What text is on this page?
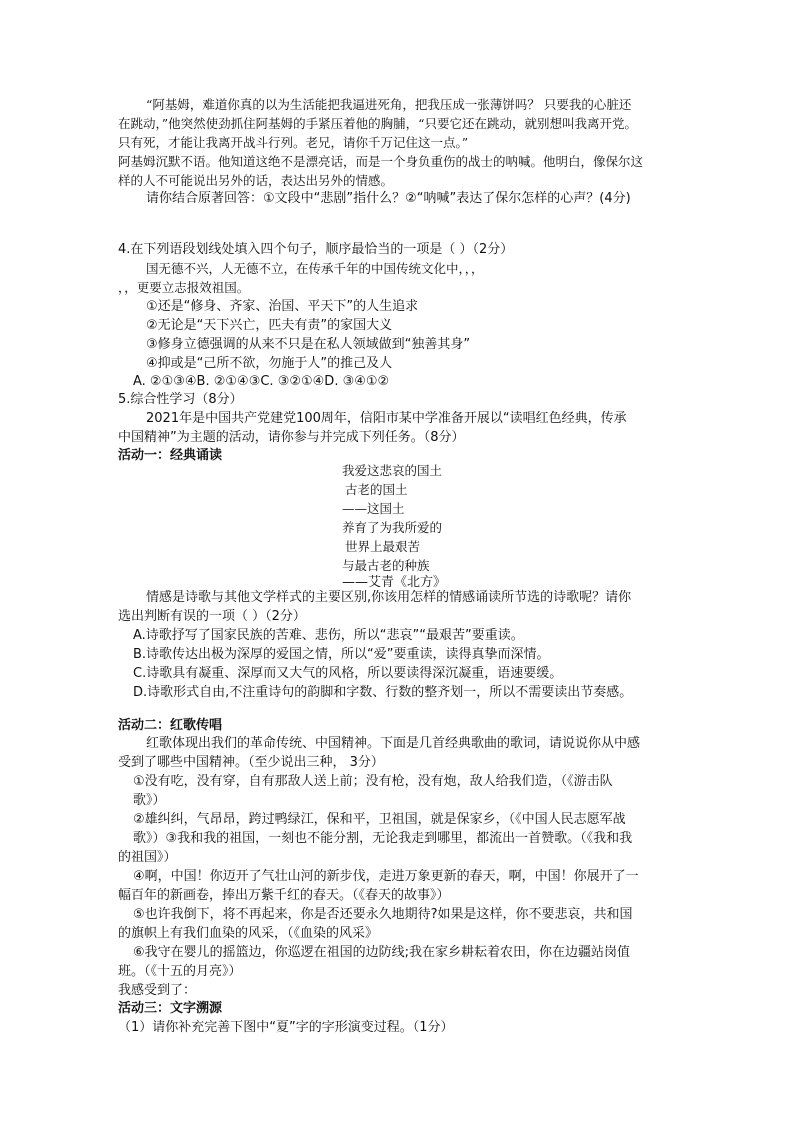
“阿基姆，难道你真的以为生活能把我逼进死角，把我压成一张薄饼吗？ 只要我的心脏还
在跳动，”他突然使劲抓住阿基姆的手紧压着他的胸脯，“只要它还在跳动，就别想叫我离开党。
只有死，才能让我离开战斗行列。老兄，请你千万记住这一点。”
阿基姆沉默不语。他知道这绝不是漂亮话，而是一个身负重伤的战士的呐喊。他明白，像保尔这
样的人不可能说出另外的话，表达出另外的情感。
请你结合原著回答：①文段中“悲剧”指什么？②“呐喊”表达了保尔怎样的心声？(4分)
4.在下列语段划线处填入四个句子，顺序最恰当的一项是（ ）（2分）
国无德不兴，人无德不立，在传承千年的中国传统文化中，，，
，，更要立志报效祖国。
①还是“修身、齐家、治国、平天下”的人生追求
②无论是“天下兴亡，匹夫有责”的家国大义
③修身立德强调的从来不只是在私人领域做到“独善其身”
④抑或是“己所不欲，勿施于人”的推己及人
A. ②①③④B. ②①④③C. ③②①④D. ③④①②
5.综合性学习（8分）
2021年是中国共产党建党100周年，信阳市某中学准备开展以“读唱红色经典，传承
中国精神”为主题的活动，请你参与并完成下列任务。（8分）
活动一：经典诵读
我爱这悲哀的国土
古老的国土
——这国土
养育了为我所爱的
世界上最艰苦
与最古老的种族
——艾青《北方》
情感是诗歌与其他文学样式的主要区别,你该用怎样的情感诵读所节选的诗歌呢？请你
选出判断有误的一项（ ）（2分）
A.诗歌抒写了国家民族的苦难、悲伤，所以“悲哀”“最艰苦”要重读。
B.诗歌传达出极为深厚的爱国之情，所以“爱”要重读，读得真挚而深情。
C.诗歌具有凝重、深厚而又大气的风格，所以要读得深沉凝重，语速要缓。
D.诗歌形式自由,不注重诗句的韵脚和字数、行数的整齐划一，所以不需要读出节奏感。
活动二：红歌传唱
红歌体现出我们的革命传统、中国精神。下面是几首经典歌曲的歌词，请说说你从中感
受到了哪些中国精神。（至少说出三种， 3分）
①没有吃，没有穿，自有那敌人送上前；没有枪，没有炮，敌人给我们造，（《游击队
歌》）
②雄纠纠，气昂昂，跨过鸭绿江，保和平，卫祖国，就是保家乡，（《中国人民志愿军战
歌》）③我和我的祖国，一刻也不能分割，无论我走到哪里，都流出一首赞歌。（《我和我
的祖国》）
④啊，中国！你迈开了气壮山河的新步伐，走进万象更新的春天，啊，中国！你展开了一
幅百年的新画卷，捧出万紫千红的春天。（《春天的故事》）
⑤也许我倒下，将不再起来，你是否还要永久地期待?如果是这样，你不要悲哀，共和国
的旗帜上有我们血染的风采，（《血染的风采》
⑥我守在婴儿的摇篮边，你巡逻在祖国的边防线;我在家乡耕耘着农田，你在边疆站岗值
班。（《十五的月亮》）
我感受到了：
活动三：文字溯源
（1）请你补充完善下图中“夏”字的字形演变过程。（1分）
